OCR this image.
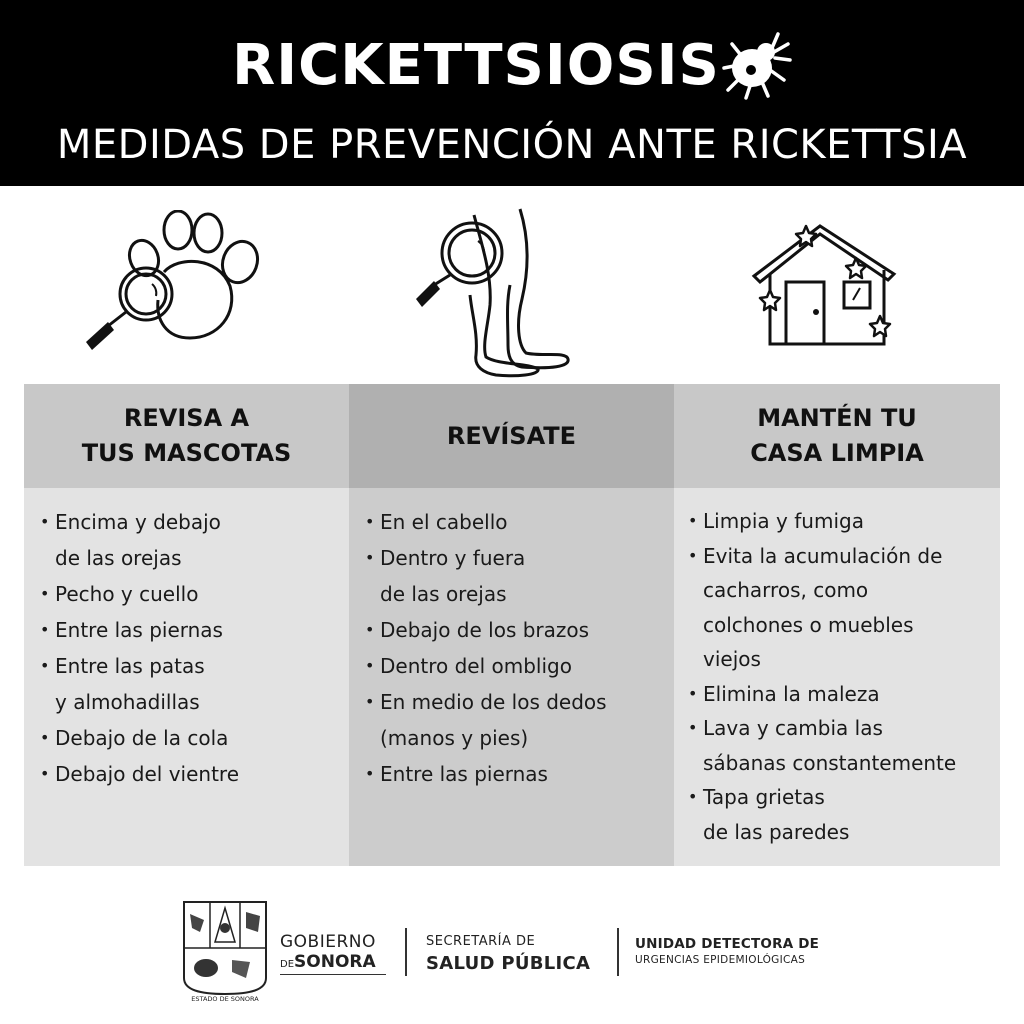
RICKETTSIOSIS
MEDIDAS DE PREVENCIÓN ANTE RICKETTSIA
REVISA A
TUS MASCOTAS
• Encima y debajo
de las orejas
• Pecho y cuello
• Entre las piernas
• Entre las patas
y almohadillas
• Debajo de la cola
• Debajo del vientre
REVÍSATE
• En el cabello
• Dentro y fuera
de las orejas
• Debajo de los brazos
• Dentro del ombligo
• En medio de los dedos
(manos y pies)
• Entre las piernas
MANTÉN TU
CASA LIMPIA
• Limpia y fumiga
• Evita la acumulación de
cacharros, como
colchones o muebles
viejos
• Elimina la maleza
• Lava y cambia las
sábanas constantemente
• Tapa grietas
de las paredes
ESTADO DE SONORA
GOBIERNO
DESONORA
SECRETARÍA DE
SALUD PÚBLICA
UNIDAD DETECTORA DE
URGENCIAS EPIDEMIOLÓGICAS
